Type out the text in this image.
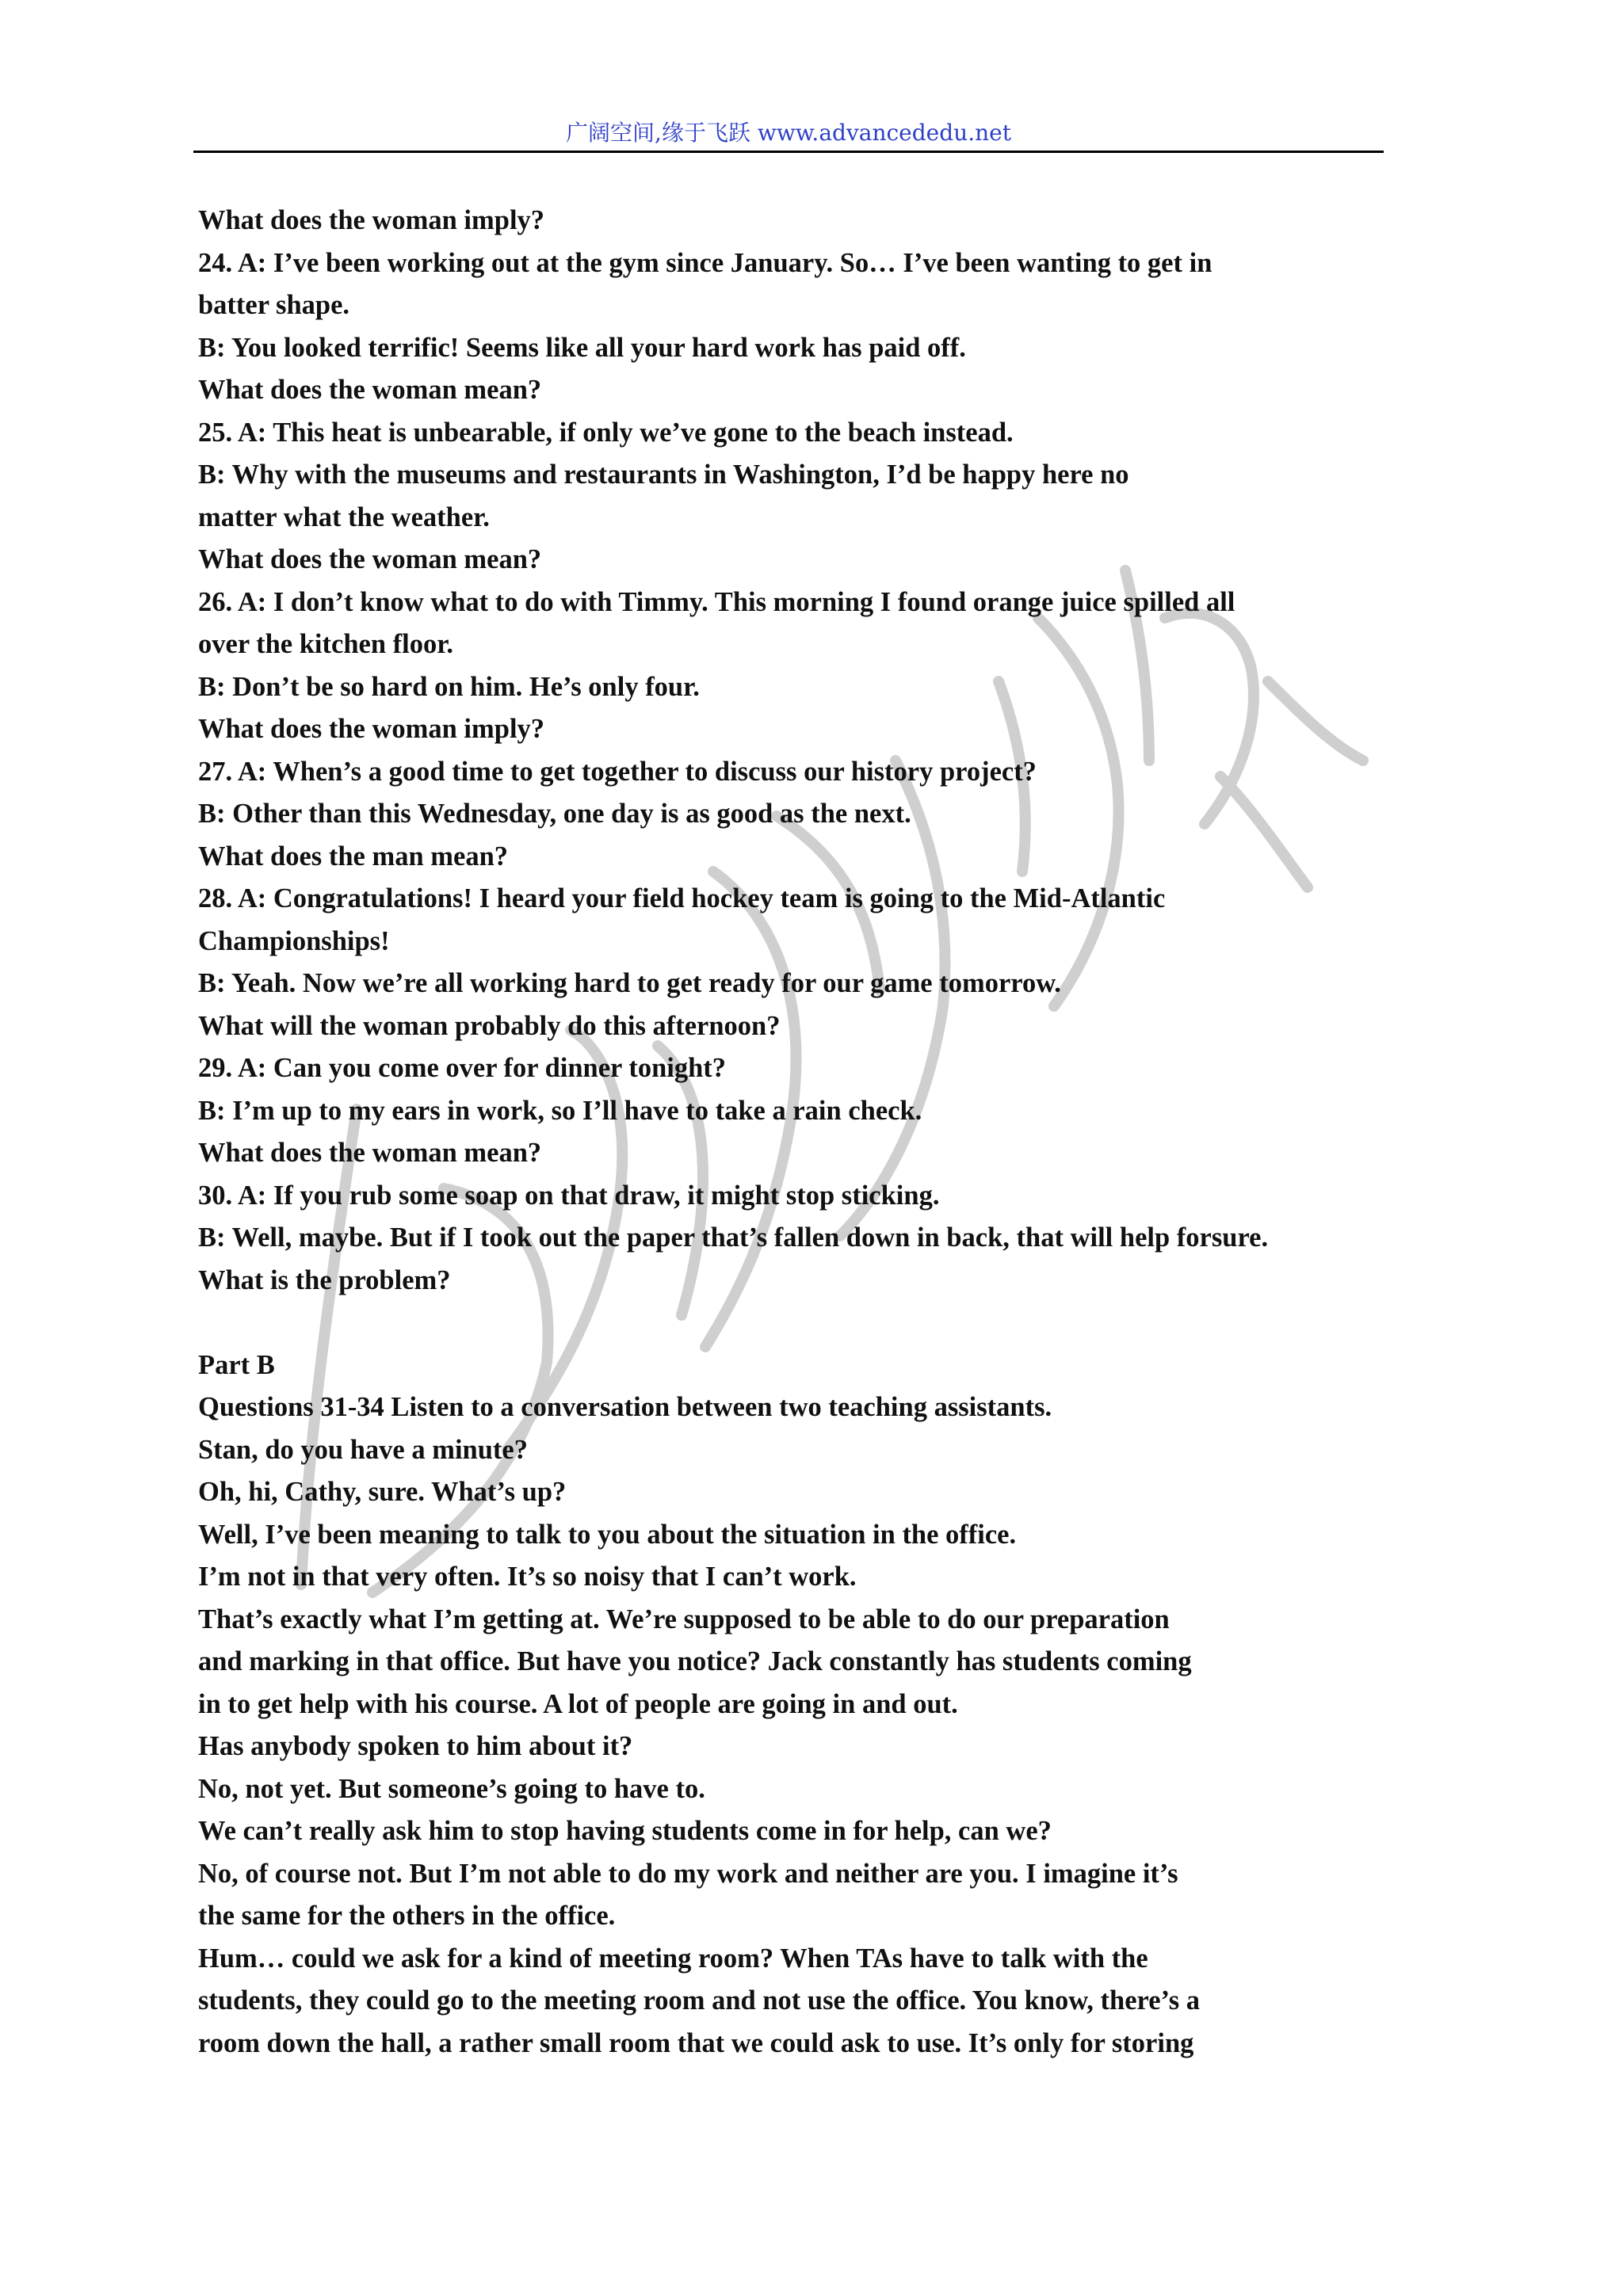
广阔空间,缘于飞跃 www.advancededu.net
What does the woman imply?
24. A: I’ve been working out at the gym since January. So… I’ve been wanting to get in
batter shape.
B: You looked terrific! Seems like all your hard work has paid off.
What does the woman mean?
25. A: This heat is unbearable, if only we’ve gone to the beach instead.
B: Why with the museums and restaurants in Washington, I’d be happy here no
matter what the weather.
What does the woman mean?
26. A: I don’t know what to do with Timmy. This morning I found orange juice spilled all
over the kitchen floor.
B: Don’t be so hard on him. He’s only four.
What does the woman imply?
27. A: When’s a good time to get together to discuss our history project?
B: Other than this Wednesday, one day is as good as the next.
What does the man mean?
28. A: Congratulations! I heard your field hockey team is going to the Mid-Atlantic
Championships!
B: Yeah. Now we’re all working hard to get ready for our game tomorrow.
What will the woman probably do this afternoon?
29. A: Can you come over for dinner tonight?
B: I’m up to my ears in work, so I’ll have to take a rain check.
What does the woman mean?
30. A: If you rub some soap on that draw, it might stop sticking.
B: Well, maybe. But if I took out the paper that’s fallen down in back, that will help forsure.
What is the problem?

Part B
Questions 31-34 Listen to a conversation between two teaching assistants.
Stan, do you have a minute?
Oh, hi, Cathy, sure. What’s up?
Well, I’ve been meaning to talk to you about the situation in the office.
I’m not in that very often. It’s so noisy that I can’t work.
That’s exactly what I’m getting at. We’re supposed to be able to do our preparation
and marking in that office. But have you notice? Jack constantly has students coming
in to get help with his course. A lot of people are going in and out.
Has anybody spoken to him about it?
No, not yet. But someone’s going to have to.
We can’t really ask him to stop having students come in for help, can we?
No, of course not. But I’m not able to do my work and neither are you. I imagine it’s
the same for the others in the office.
Hum… could we ask for a kind of meeting room? When TAs have to talk with the
students, they could go to the meeting room and not use the office. You know, there’s a
room down the hall, a rather small room that we could ask to use. It’s only for storing
